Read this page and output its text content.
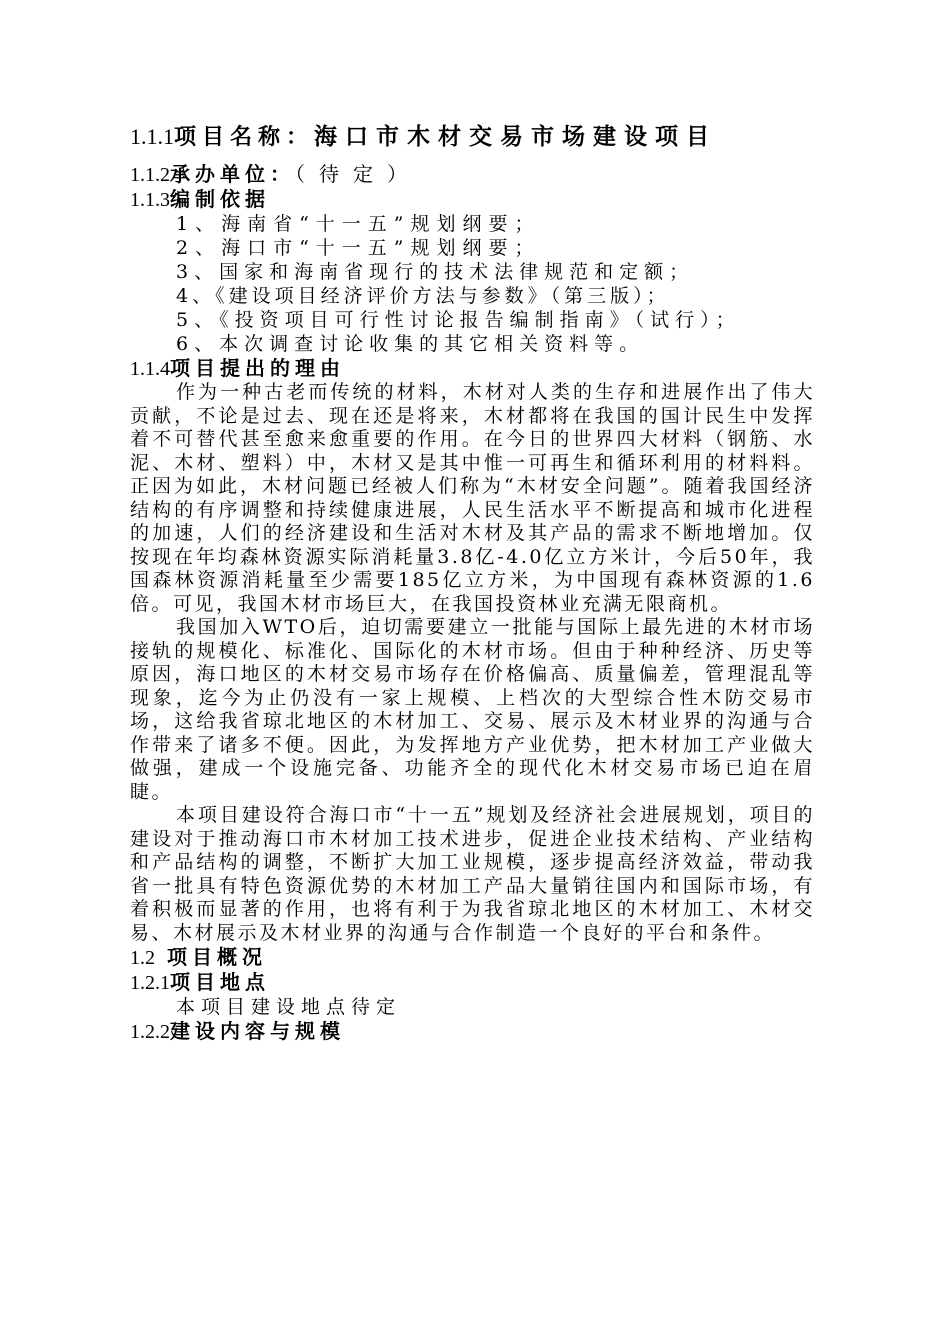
1.1.1项目名称：海口市木材交易市场建设项目
1.1.2承办单位：（待定）
1.1.3编制依据
1、海南省“十一五”规划纲要；
2、海口市“十一五”规划纲要；
3、国家和海南省现行的技术法律规范和定额；
4、《建设项目经济评价方法与参数》（第三版）；
5、《投资项目可行性讨论报告编制指南》（试行）；
6、本次调查讨论收集的其它相关资料等。
1.1.4项目提出的理由

作为一种古老而传统的材料，木材对人类的生存和进展作出了伟大贡献，不论是过去、现在还是将来，木材都将在我国的国计民生中发挥着不可替代甚至愈来愈重要的作用。在今日的世界四大材料（钢筋、水泥、木材、塑料）中，木材又是其中惟一可再生和循环利用的材料料。正因为如此，木材问题已经被人们称为“木材安全问题”。随着我国经济结构的有序调整和持续健康进展，人民生活水平不断提高和城市化进程的加速，人们的经济建设和生活对木材及其产品的需求不断地增加。仅按现在年均森林资源实际消耗量3.8亿-4.0亿立方米计，今后50年，我国森林资源消耗量至少需要185亿立方米，为中国现有森林资源的1.6倍。可见，我国木材市场巨大，在我国投资林业充满无限商机。

我国加入WTO后，迫切需要建立一批能与国际上最先进的木材市场接轨的规模化、标准化、国际化的木材市场。但由于种种经济、历史等原因，海口地区的木材交易市场存在价格偏高、质量偏差，管理混乱等现象，迄今为止仍没有一家上规模、上档次的大型综合性木防交易市场，这给我省琼北地区的木材加工、交易、展示及木材业界的沟通与合作带来了诸多不便。因此，为发挥地方产业优势，把木材加工产业做大做强，建成一个设施完备、功能齐全的现代化木材交易市场已迫在眉睫。

本项目建设符合海口市“十一五”规划及经济社会进展规划，项目的建设对于推动海口市木材加工技术进步，促进企业技术结构、产业结构和产品结构的调整，不断扩大加工业规模，逐步提高经济效益，带动我省一批具有特色资源优势的木材加工产品大量销往国内和国际市场，有着积极而显著的作用，也将有利于为我省琼北地区的木材加工、木材交易、木材展示及木材业界的沟通与合作制造一个良好的平台和条件。

1.2 项目概况
1.2.1项目地点
本项目建设地点待定
1.2.2建设内容与规模
